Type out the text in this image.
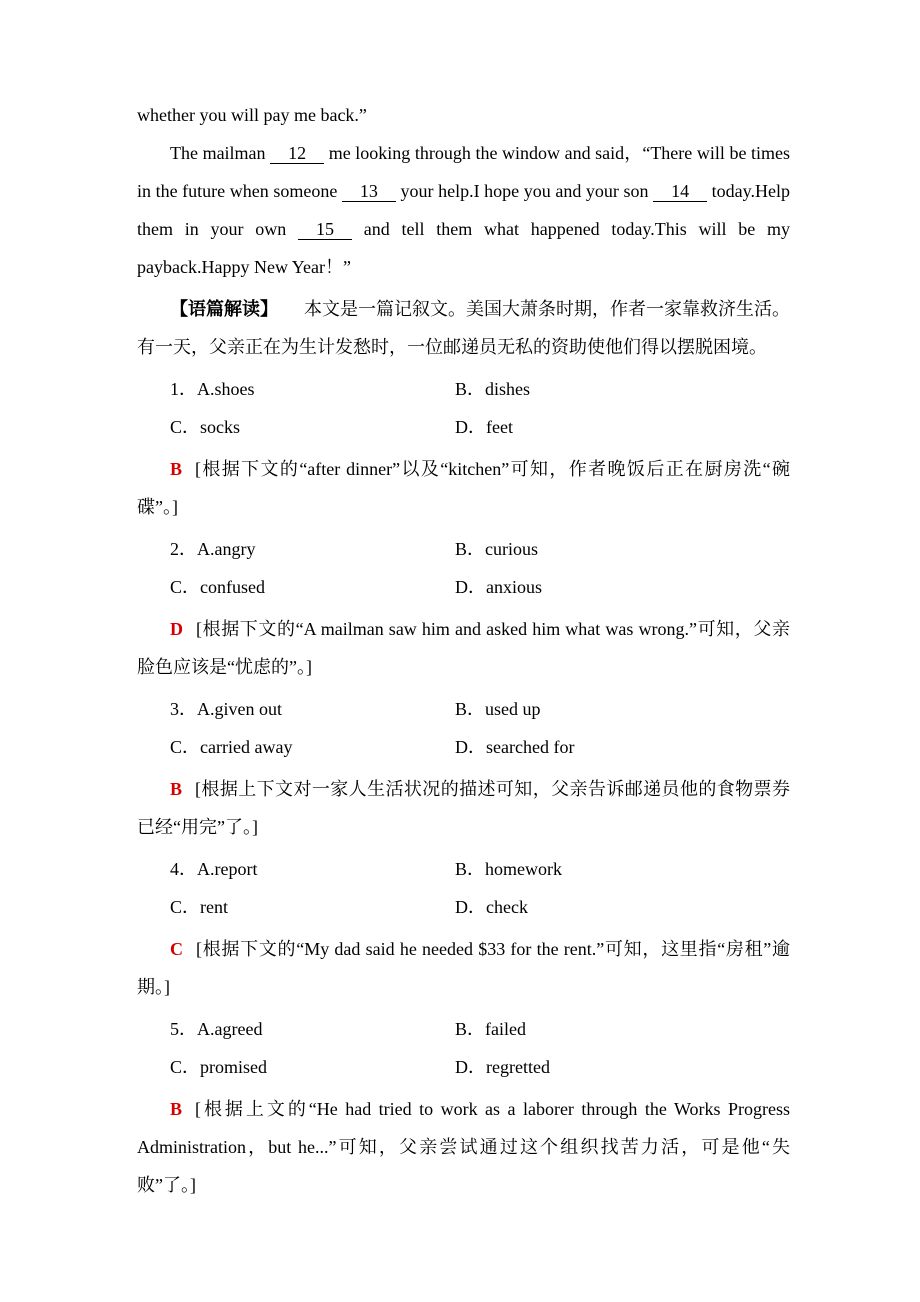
whether you will pay me back.”

The mailman 12 me looking through the window and said，“There will be times in the future when someone 13 your help.I hope you and your son 14 today.Help them in your own 15 and tell them what happened today.This will be my　payback.Happy New Year！”

【语篇解读】 本文是一篇记叙文。美国大萧条时期，作者一家靠救济生活。有一天，父亲正在为生计发愁时，一位邮递员无私的资助使他们得以摆脱困境。

1．A.shoes	B．dishes
C．socks	D．feet

B [根据下文的“after dinner”以及“kitchen”可知，作者晚饭后正在厨房洗“碗碟”。]

2．A.angry	B．curious
C．confused	D．anxious

D [根据下文的“A mailman saw him and asked him what was wrong.”可知，父亲脸色应该是“忧虑的”。]

3．A.given out	B．used up
C．carried away	D．searched for

B [根据上下文对一家人生活状况的描述可知，父亲告诉邮递员他的食物票券已经“用完”了。]

4．A.report	B．homework
C．rent	D．check

C [根据下文的“My dad said he needed $33 for the rent.”可知，这里指“房租”逾期。]

5．A.agreed	B．failed
C．promised	D．regretted

B [根据上文的“He had tried to work as a laborer through the Works Progress Administration，but he...”可知，父亲尝试通过这个组织找苦力活，可是他“失败”了。]
